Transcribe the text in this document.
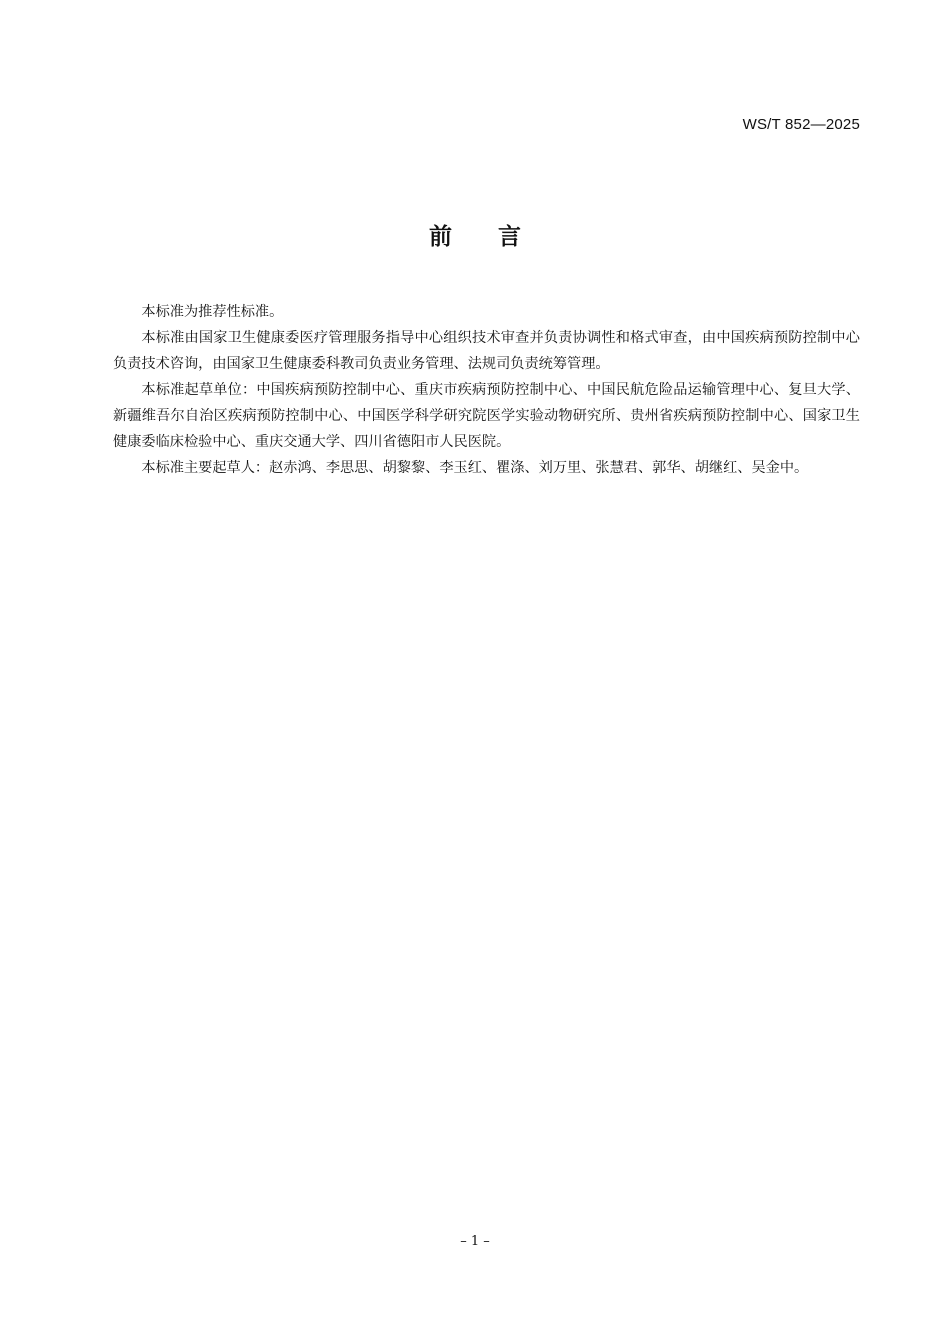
WS/T 852—2025
前 言

本标准为推荐性标准。

本标准由国家卫生健康委医疗管理服务指导中心组织技术审查并负责协调性和格式审查，由中国疾病预防控制中心负责技术咨询，由国家卫生健康委科教司负责业务管理、法规司负责统筹管理。

本标准起草单位：中国疾病预防控制中心、重庆市疾病预防控制中心、中国民航危险品运输管理中心、复旦大学、新疆维吾尔自治区疾病预防控制中心、中国医学科学研究院医学实验动物研究所、贵州省疾病预防控制中心、国家卫生健康委临床检验中心、重庆交通大学、四川省德阳市人民医院。

本标准主要起草人：赵赤鸿、李思思、胡黎黎、李玉红、瞿涤、刘万里、张慧君、郭华、胡继红、吴金中。

– 1 –
